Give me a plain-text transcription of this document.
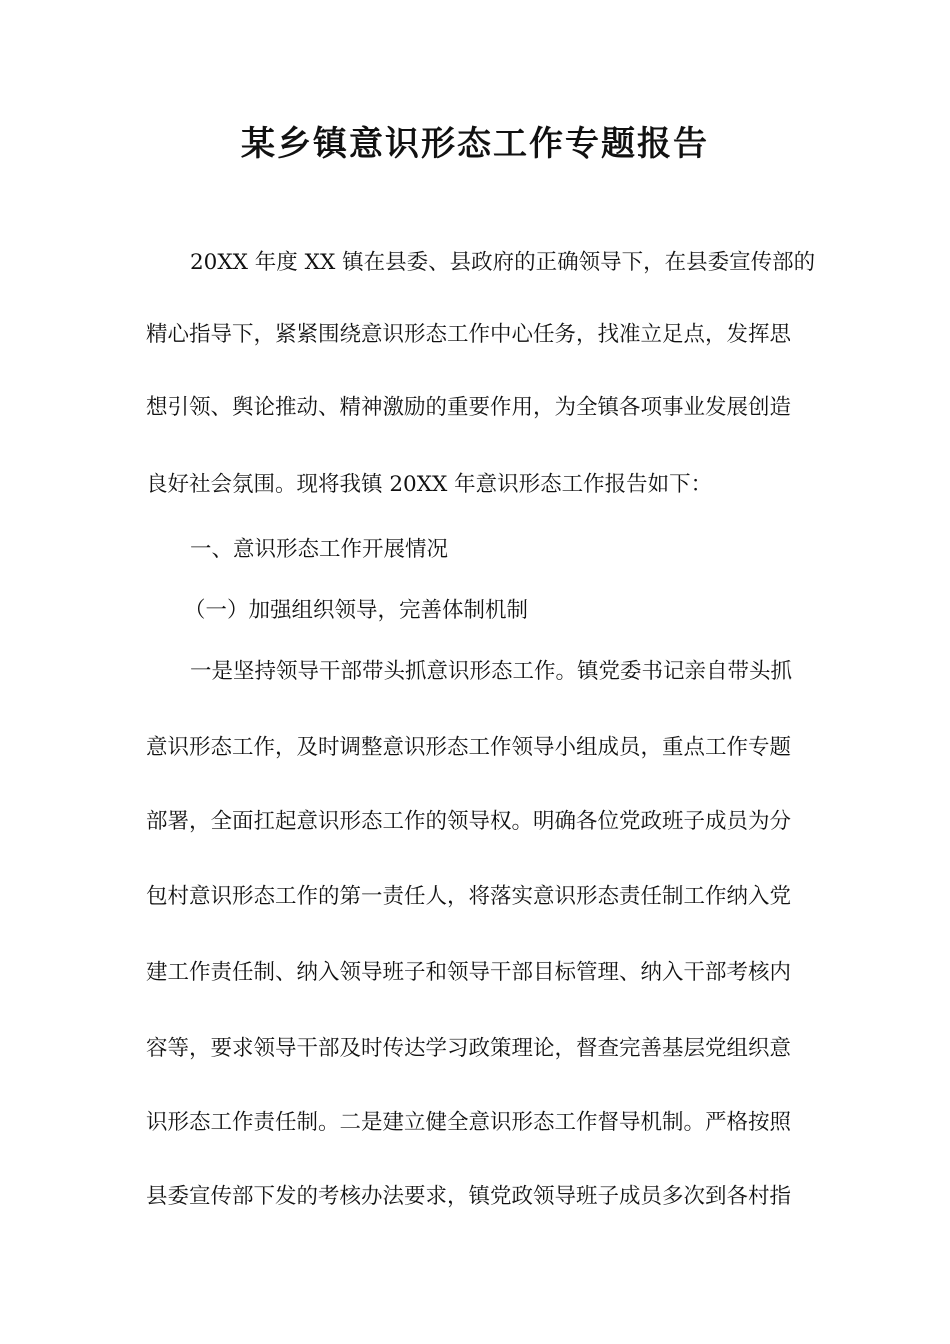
某乡镇意识形态工作专题报告
20XX 年度 XX 镇在县委、县政府的正确领导下，在县委宣传部的
精心指导下，紧紧围绕意识形态工作中心任务，找准立足点，发挥思
想引领、舆论推动、精神激励的重要作用，为全镇各项事业发展创造
良好社会氛围。现将我镇 20XX 年意识形态工作报告如下：
一、意识形态工作开展情况
（一）加强组织领导，完善体制机制
一是坚持领导干部带头抓意识形态工作。镇党委书记亲自带头抓
意识形态工作，及时调整意识形态工作领导小组成员，重点工作专题
部署，全面扛起意识形态工作的领导权。明确各位党政班子成员为分
包村意识形态工作的第一责任人，将落实意识形态责任制工作纳入党
建工作责任制、纳入领导班子和领导干部目标管理、纳入干部考核内
容等，要求领导干部及时传达学习政策理论，督查完善基层党组织意
识形态工作责任制。二是建立健全意识形态工作督导机制。严格按照
县委宣传部下发的考核办法要求，镇党政领导班子成员多次到各村指
